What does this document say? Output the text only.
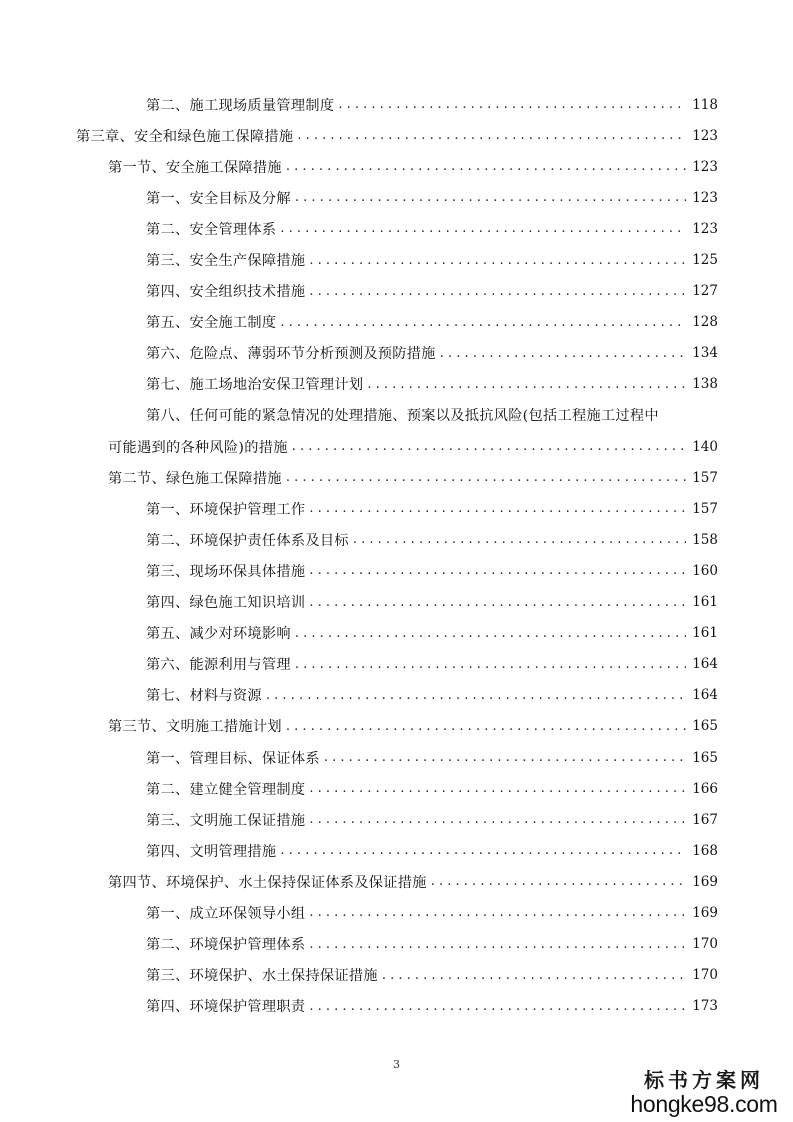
第二、施工现场质量管理制度 . . .	118
第三章、安全和绿色施工保障措施 . . .	123
第一节、安全施工保障措施 . . .	123
第一、安全目标及分解 . . .	123
第二、安全管理体系 . . .	123
第三、安全生产保障措施 . . .	125
第四、安全组织技术措施 . . .	127
第五、安全施工制度 . . .	128
第六、危险点、薄弱环节分析预测及预防措施 . . .	134
第七、施工场地治安保卫管理计划 . . .	138
第八、任何可能的紧急情况的处理措施、预案以及抵抗风险(包括工程施工过程中
可能遇到的各种风险)的措施 . . .	140
第二节、绿色施工保障措施 . . .	157
第一、环境保护管理工作 . . .	157
第二、环境保护责任体系及目标 . . .	158
第三、现场环保具体措施 . . .	160
第四、绿色施工知识培训 . . .	161
第五、减少对环境影响 . . .	161
第六、能源利用与管理 . . .	164
第七、材料与资源 . . .	164
第三节、文明施工措施计划 . . .	165
第一、管理目标、保证体系 . . .	165
第二、建立健全管理制度 . . .	166
第三、文明施工保证措施 . . .	167
第四、文明管理措施 . . .	168
第四节、环境保护、水土保持保证体系及保证措施 . . .	169
第一、成立环保领导小组 . . .	169
第二、环境保护管理体系 . . .	170
第三、环境保护、水土保持保证措施 . . .	170
第四、环境保护管理职责 . . .	173
3
标书方案网
hongke98.com
